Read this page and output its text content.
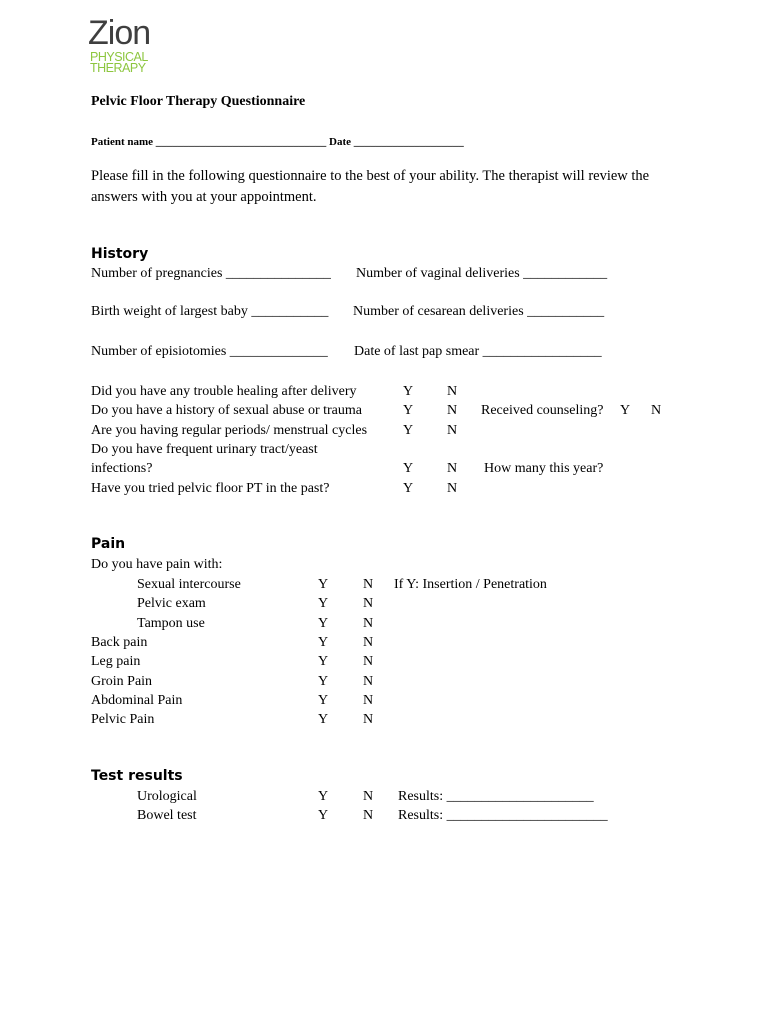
Zion
PHYSICAL
THERAPY
Pelvic Floor Therapy Questionnaire
Patient name _______________________________ Date ____________________
Please fill in the following questionnaire to the best of your ability. The therapist will review the answers with you at your appointment.
History
Number of pregnancies _______________ Number of vaginal deliveries ____________
Birth weight of largest baby ___________ Number of cesarean deliveries ___________
Number of episiotomies ______________ Date of last pap smear _________________
Did you have any trouble healing after delivery	Y N
Do you have a history of sexual abuse or trauma	Y N Received counseling? Y N
Are you having regular periods/ menstrual cycles	Y N
Do you have frequent urinary tract/yeast
infections?	Y N How many this year?
Have you tried pelvic floor PT in the past?	Y N
Pain
Do you have pain with:
Sexual intercourse	Y N If Y: Insertion / Penetration
Pelvic exam	Y N
Tampon use	Y N
Back pain	Y N
Leg pain	Y N
Groin Pain	Y N
Abdominal Pain	Y N
Pelvic Pain	Y N
Test results
Urological	Y N Results: _____________________
Bowel test	Y N Results: _______________________
